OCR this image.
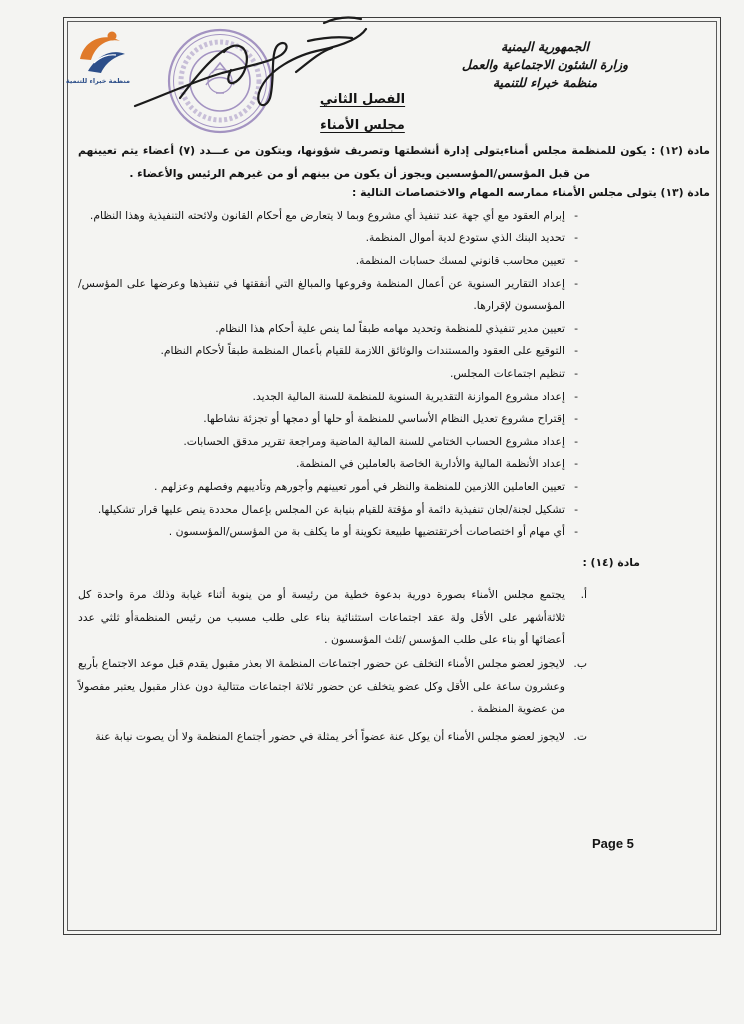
منظمة خبراء للتنمية
الجمهورية اليمنية
وزارة الشئون الاجتماعية والعمل
منظمة خبراء للتنمية
الفصل الثاني
مجلس الأمناء

مادة (١٢) : يكون للمنظمة مجلس أمناءيتولى إدارة أنشطتها وتصريف شؤونها، ويتكون من عـــدد (٧) أعضاء يتم تعيينهم من قبل المؤسس/المؤسسين ويجوز أن يكون من بينهم أو من غيرهم الرئيس والأعضاء .

مادة (١٣) يتولى مجلس الأمناء ممارسه المهام والاختصاصات التالية :

- إبرام العقود مع أي جهة عند تنفيذ أي مشروع وبما لا يتعارض مع أحكام القانون ولائحته التنفيذية وهذا النظام.
- تحديد البنك الذي ستودع لدية أموال المنظمة.
- تعيين محاسب قانوني لمسك حسابات المنظمة.
- إعداد التقارير السنوية عن أعمال المنظمة وفروعها والمبالغ التي أنفقتها في تنفيذها وعرضها على المؤسس/المؤسسون لإقرارها.
- تعيين مدير تنفيذي للمنظمة وتحديد مهامه طبقاً لما ينص علية أحكام هذا النظام.
- التوقيع على العقود والمستندات والوثائق اللازمة للقيام بأعمال المنظمة طبقاً لأحكام النظام.
- تنظيم اجتماعات المجلس.
- إعداد مشروع الموازنة التقديرية السنوية للمنظمة للسنة المالية الجديد.
- إقتراح مشروع تعديل النظام الأساسي للمنظمة أو حلها أو دمجها أو تجزئة نشاطها.
- إعداد مشروع الحساب الختامي للسنة المالية الماضية ومراجعة تقرير مدقق الحسابات.
- إعداد الأنظمة المالية والأدارية الخاصة بالعاملين في المنظمة.
- تعيين العاملين اللازمين للمنظمة والنظر في أمور تعيينهم وأجورهم وتأديبهم وفصلهم وعزلهم .
- تشكيل لجنة/لجان تنفيذية دائمة أو مؤقتة للقيام بنيابة عن المجلس بإعمال محددة ينص عليها قرار تشكيلها.
- أي مهام أو اختصاصات أخرتقتضيها طبيعة تكوينة أو ما يكلف بة من المؤسس/المؤسسون .

مادة (١٤) :

أ.
يجتمع مجلس الأمناء بصورة دورية بدعوة خطية من رئيسة أو من ينوبة أثناء غيابة وذلك مرة واحدة كل ثلاثةأشهر على الأقل ولة عقد اجتماعات استثنائية بناء على طلب مسبب من رئيس المنظمةأو ثلثي عدد أعضائها أو بناء على طلب المؤسس /ثلث المؤسسون .
ب.
لايجوز لعضو مجلس الأمناء التخلف عن حضور اجتماعات المنظمة الا بعذر مقبول يقدم قبل موعد الاجتماع بأربع وعشرون ساعة على الأقل وكل عضو يتخلف عن حضور ثلاثة اجتماعات متتالية دون عذار مقبول يعتبر مفصولاً من عضوية المنظمة .
ت.
لايجوز لعضو مجلس الأمناء أن يوكل عنة عضواً أخر يمثلة في حضور أجتماع المنظمة ولا أن يصوت نيابة عنة
Page 5
